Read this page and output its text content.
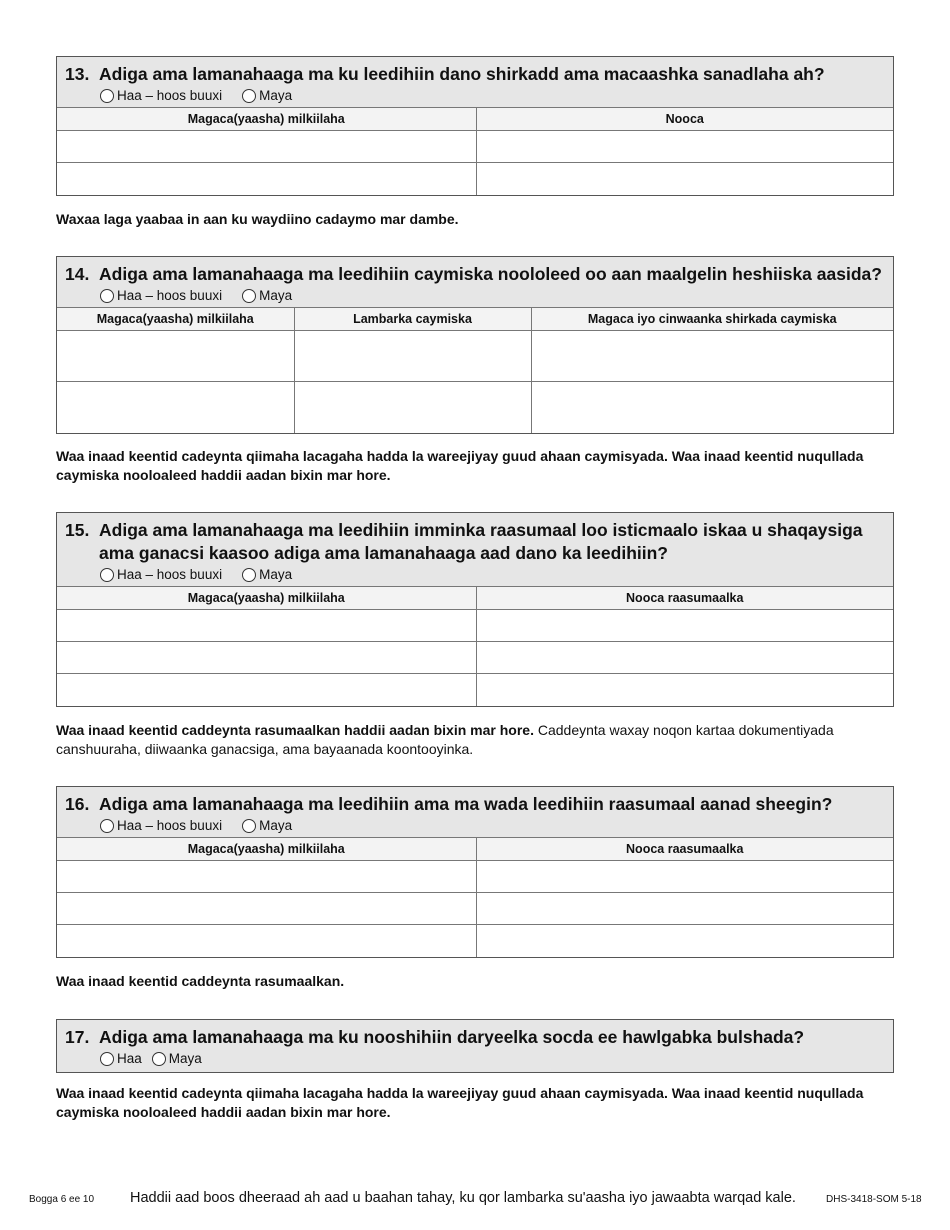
13. Adiga ama lamanahaaga ma ku leedihiin dano shirkadd ama macaashka sanadlaha ah?
Haa – hoos buuxi	Maya
Magaca(yaasha) milkiilaha	Nooca

Waxaa laga yaabaa in aan ku waydiino cadaymo mar dambe.
14. Adiga ama lamanahaaga ma leedihiin caymiska noololeed oo aan maalgelin heshiiska aasida?
Haa – hoos buuxi	Maya
Magaca(yaasha) milkiilaha	Lambarka caymiska	Magaca iyo cinwaanka shirkada caymiska

Waa inaad keentid cadeynta qiimaha lacagaha hadda la wareejiyay guud ahaan caymisyada. Waa inaad keentid nuqullada caymiska nooloaleed haddii aadan bixin mar hore.
15. Adiga ama lamanahaaga ma leedihiin imminka raasumaal loo isticmaalo iskaa u shaqaysiga ama ganacsi kaasoo adiga ama lamanahaaga aad dano ka leedihiin?
Haa – hoos buuxi	Maya
Magaca(yaasha) milkiilaha	Nooca raasumaalka

Waa inaad keentid caddeynta rasumaalkan haddii aadan bixin mar hore. Caddeynta waxay noqon kartaa dokumentiyada canshuuraha, diiwaanka ganacsiga, ama bayaanada koontooyinka.
16. Adiga ama lamanahaaga ma leedihiin ama ma wada leedihiin raasumaal aanad sheegin?
Haa – hoos buuxi	Maya
Magaca(yaasha) milkiilaha	Nooca raasumaalka

Waa inaad keentid caddeynta rasumaalkan.
17. Adiga ama lamanahaaga ma ku nooshihiin daryeelka socda ee hawlgabka bulshada?
Haa Maya
Waa inaad keentid cadeynta qiimaha lacagaha hadda la wareejiyay guud ahaan caymisyada. Waa inaad keentid nuqullada caymiska nooloaleed haddii aadan bixin mar hore.
Bogga 6 ee 10 Haddii aad boos dheeraad ah aad u baahan tahay, ku qor lambarka su'aasha iyo jawaabta warqad kale.	DHS-3418-SOM 5-18
